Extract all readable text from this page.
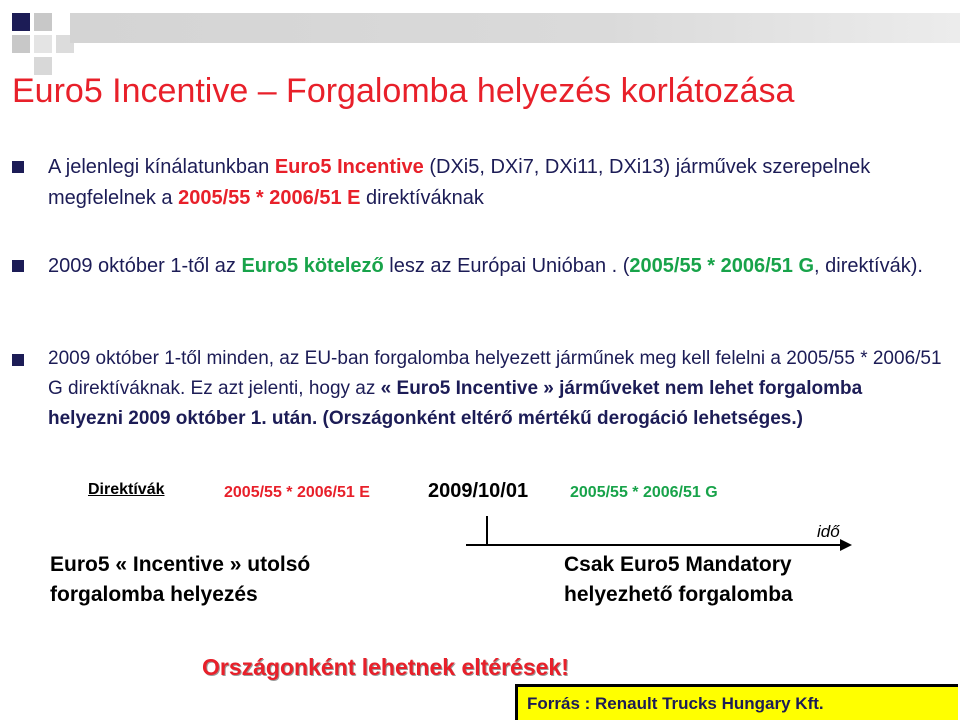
Euro5 Incentive – Forgalomba helyezés korlátozása
A jelenlegi kínálatunkban Euro5 Incentive (DXi5, DXi7, DXi11, DXi13) járművek szerepelnek megfelelnek a 2005/55 * 2006/51 E direktíváknak
2009 október 1-től az Euro5 kötelező lesz az Európai Unióban . (2005/55 * 2006/51 G, direktívák).
2009 október 1-től minden, az EU-ban forgalomba helyezett járműnek meg kell felelni a 2005/55 * 2006/51 G direktíváknak. Ez azt jelenti, hogy az « Euro5 Incentive » járműveket nem lehet forgalomba helyezni 2009 október 1. után. (Országonként eltérő mértékű derogáció lehetséges.)
Direktívák	2005/55 * 2006/51 E	2009/10/01	2005/55 * 2006/51 G
idő
Euro5 « Incentive » utolsó
forgalomba helyezés
Csak Euro5 Mandatory
helyezhető forgalomba
Országonként lehetnek eltérések!
Forrás : Renault Trucks Hungary Kft.
